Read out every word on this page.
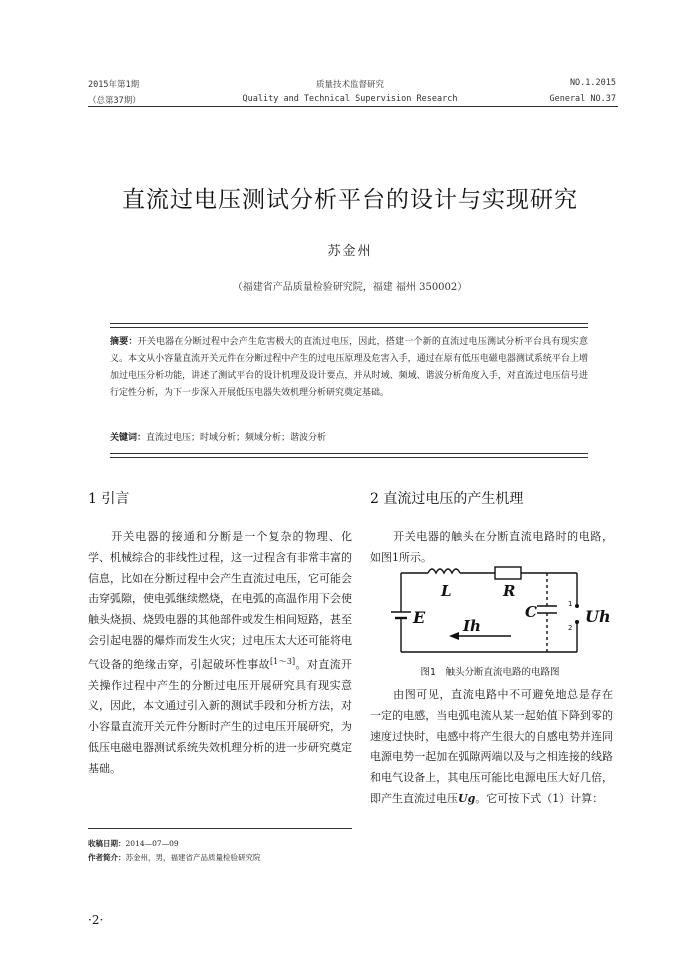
2015年第1期
（总第37期）
质量技术监督研究
Quality and Technical Supervision Research
NO.1.2015
General NO.37
直流过电压测试分析平台的设计与实现研究
苏金州
（福建省产品质量检验研究院，福建 福州 350002）
摘要：开关电器在分断过程中会产生危害极大的直流过电压，因此，搭建一个新的直流过电压测试分析平台具有现实意义。本文从小容量直流开关元件在分断过程中产生的过电压原理及危害入手，通过在原有低压电磁电器测试系统平台上增加过电压分析功能，讲述了测试平台的设计机理及设计要点，并从时域、频域、谐波分析角度入手，对直流过电压信号进行定性分析，为下一步深入开展低压电器失效机理分析研究奠定基础。
关键词：直流过电压；时域分析；频域分析；谐波分析
1 引言

开关电器的接通和分断是一个复杂的物理、化学、机械综合的非线性过程，这一过程含有非常丰富的信息，比如在分断过程中会产生直流过电压，它可能会击穿弧隙，使电弧继续燃烧，在电弧的高温作用下会使触头烧损、烧毁电器的其他部件或发生相间短路，甚至会引起电器的爆炸而发生火灾；过电压太大还可能将电气设备的绝缘击穿，引起破坏性事故[1～3]。对直流开关操作过程中产生的分断过电压开展研究具有现实意义，因此，本文通过引入新的测试手段和分析方法，对小容量直流开关元件分断时产生的过电压开展研究，为低压电磁电器测试系统失效机理分析的进一步研究奠定基础。

2 直流过电压的产生机理

开关电器的触头在分断直流电路时的电路，如图1所示。

L	R
C
E	Ih	Uh
1
2
图1　触头分断直流电路的电路图

由图可见，直流电路中不可避免地总是存在一定的电感，当电弧电流从某一起始值下降到零的速度过快时，电感中将产生很大的自感电势并连同电源电势一起加在弧隙两端以及与之相连接的线路和电气设备上，其电压可能比电源电压大好几倍，即产生直流过电压Ug。它可按下式（1）计算：

收稿日期：2014—07—09
作者简介：苏金州，男，福建省产品质量检验研究院
·2·
